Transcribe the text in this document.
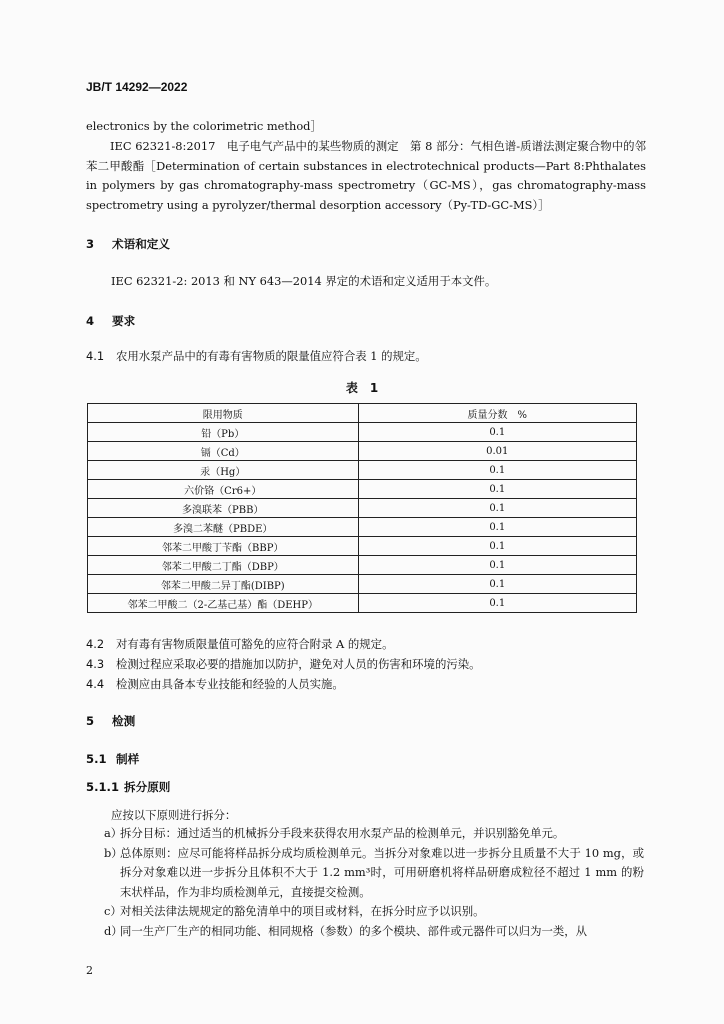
JB/T 14292—2022
electronics by the colorimetric method］
IEC 62321-8:2017　电子电气产品中的某些物质的测定　第 8 部分：气相色谱-质谱法测定聚合物中的邻苯二甲酸酯［Determination of certain substances in electrotechnical products—Part 8:Phthalates in polymers by gas chromatography-mass spectrometry（GC-MS），gas chromatography-mass spectrometry using a pyrolyzer/thermal desorption accessory（Py-TD-GC-MS）］
3 术语和定义
IEC 62321-2: 2013 和 NY 643—2014 界定的术语和定义适用于本文件。
4 要求
4.1 农用水泵产品中的有毒有害物质的限量值应符合表 1 的规定。
表　1
限用物质	质量分数　%
铅（Pb）	0.1
镉（Cd）	0.01
汞（Hg）	0.1
六价铬（Cr6+）	0.1
多溴联苯（PBB）	0.1
多溴二苯醚（PBDE）	0.1
邻苯二甲酸丁苄酯（BBP）	0.1
邻苯二甲酸二丁酯（DBP）	0.1
邻苯二甲酸二异丁酯(DIBP)	0.1
邻苯二甲酸二（2-乙基己基）酯（DEHP）	0.1
4.2 对有毒有害物质限量值可豁免的应符合附录 A 的规定。
4.3 检测过程应采取必要的措施加以防护，避免对人员的伤害和环境的污染。
4.4 检测应由具备本专业技能和经验的人员实施。
5 检测
5.1 制样
5.1.1 拆分原则
应按以下原则进行拆分：
a）
拆分目标：通过适当的机械拆分手段来获得农用水泵产品的检测单元，并识别豁免单元。
b）
总体原则：应尽可能将样品拆分成均质检测单元。当拆分对象难以进一步拆分且质量不大于 10 mg，或拆分对象难以进一步拆分且体积不大于 1.2 mm³时，可用研磨机将样品研磨成粒径不超过 1 mm 的粉末状样品，作为非均质检测单元，直接提交检测。
c）
对相关法律法规规定的豁免清单中的项目或材料，在拆分时应予以识别。
d）
同一生产厂生产的相同功能、相同规格（参数）的多个模块、部件或元器件可以归为一类，从
2
